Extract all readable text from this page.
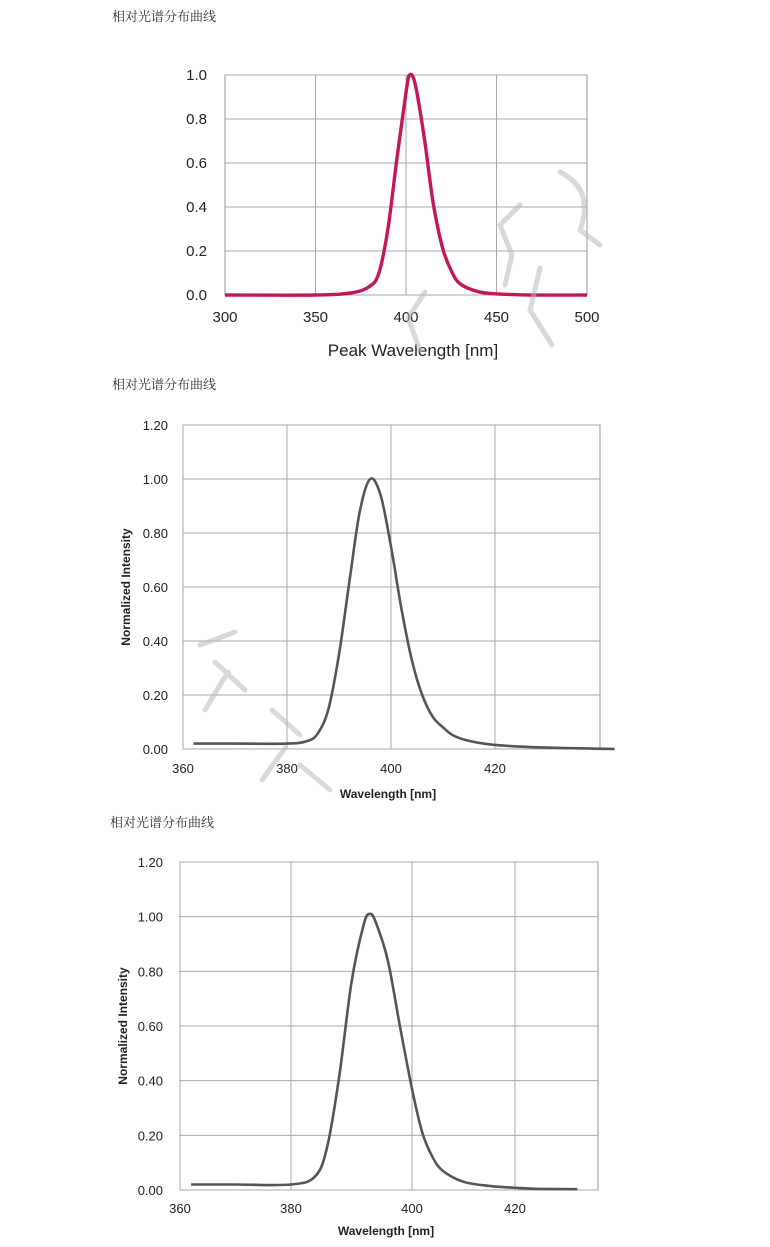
相对光谱分布曲线
0.0
0.2
0.4
0.6
0.8
1.0
300	350	400	450	500
Peak Wavelength [nm]
相对光谱分布曲线
0.00
0.20
0.40
0.60
0.80
1.00
1.20
360	380	400	420
Wavelength [nm]
Normalized Intensity
相对光谱分布曲线
0.00
0.20
0.40
0.60
0.80
1.00
1.20
360	380	400	420
Wavelength [nm]
Normalized Intensity
